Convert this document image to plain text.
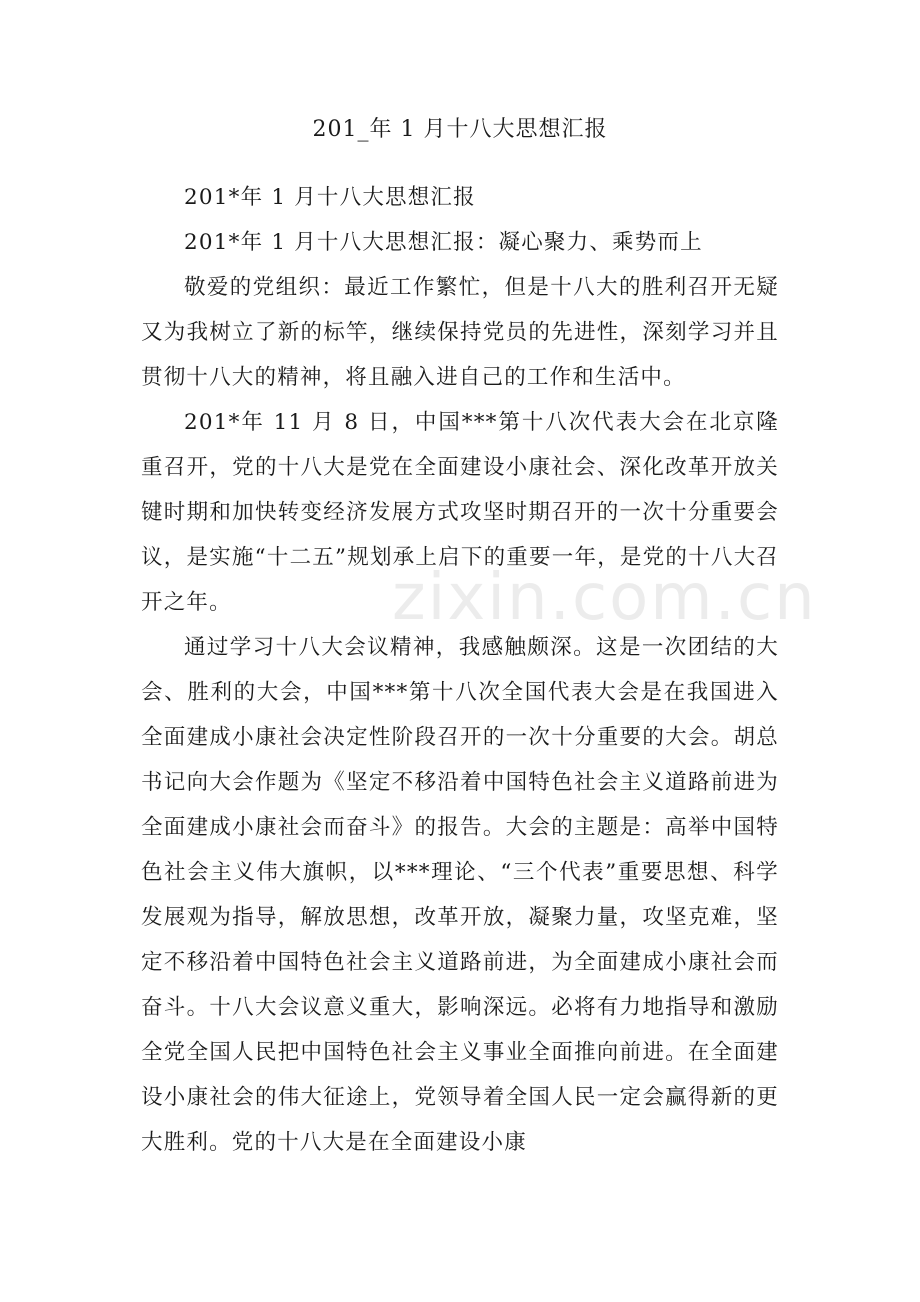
201_年 1 月十八大思想汇报

201*年 1 月十八大思想汇报

201*年 1 月十八大思想汇报：凝心聚力、乘势而上

敬爱的党组织：最近工作繁忙，但是十八大的胜利召开无疑又为我树立了新的标竿，继续保持党员的先进性，深刻学习并且贯彻十八大的精神，将且融入进自己的工作和生活中。

201*年 11 月 8 日，中国***第十八次代表大会在北京隆重召开，党的十八大是党在全面建设小康社会、深化改革开放关键时期和加快转变经济发展方式攻坚时期召开的一次十分重要会议，是实施“十二五”规划承上启下的重要一年，是党的十八大召开之年。

通过学习十八大会议精神，我感触颇深。这是一次团结的大会、胜利的大会，中国***第十八次全国代表大会是在我国进入全面建成小康社会决定性阶段召开的一次十分重要的大会。胡总书记向大会作题为《坚定不移沿着中国特色社会主义道路前进为全面建成小康社会而奋斗》的报告。大会的主题是：高举中国特色社会主义伟大旗帜，以***理论、“三个代表”重要思想、科学发展观为指导，解放思想，改革开放，凝聚力量，攻坚克难，坚定不移沿着中国特色社会主义道路前进，为全面建成小康社会而奋斗。十八大会议意义重大，影响深远。必将有力地指导和激励全党全国人民把中国特色社会主义事业全面推向前进。在全面建设小康社会的伟大征途上，党领导着全国人民一定会赢得新的更大胜利。党的十八大是在全面建设小康

zixin.com.cn
